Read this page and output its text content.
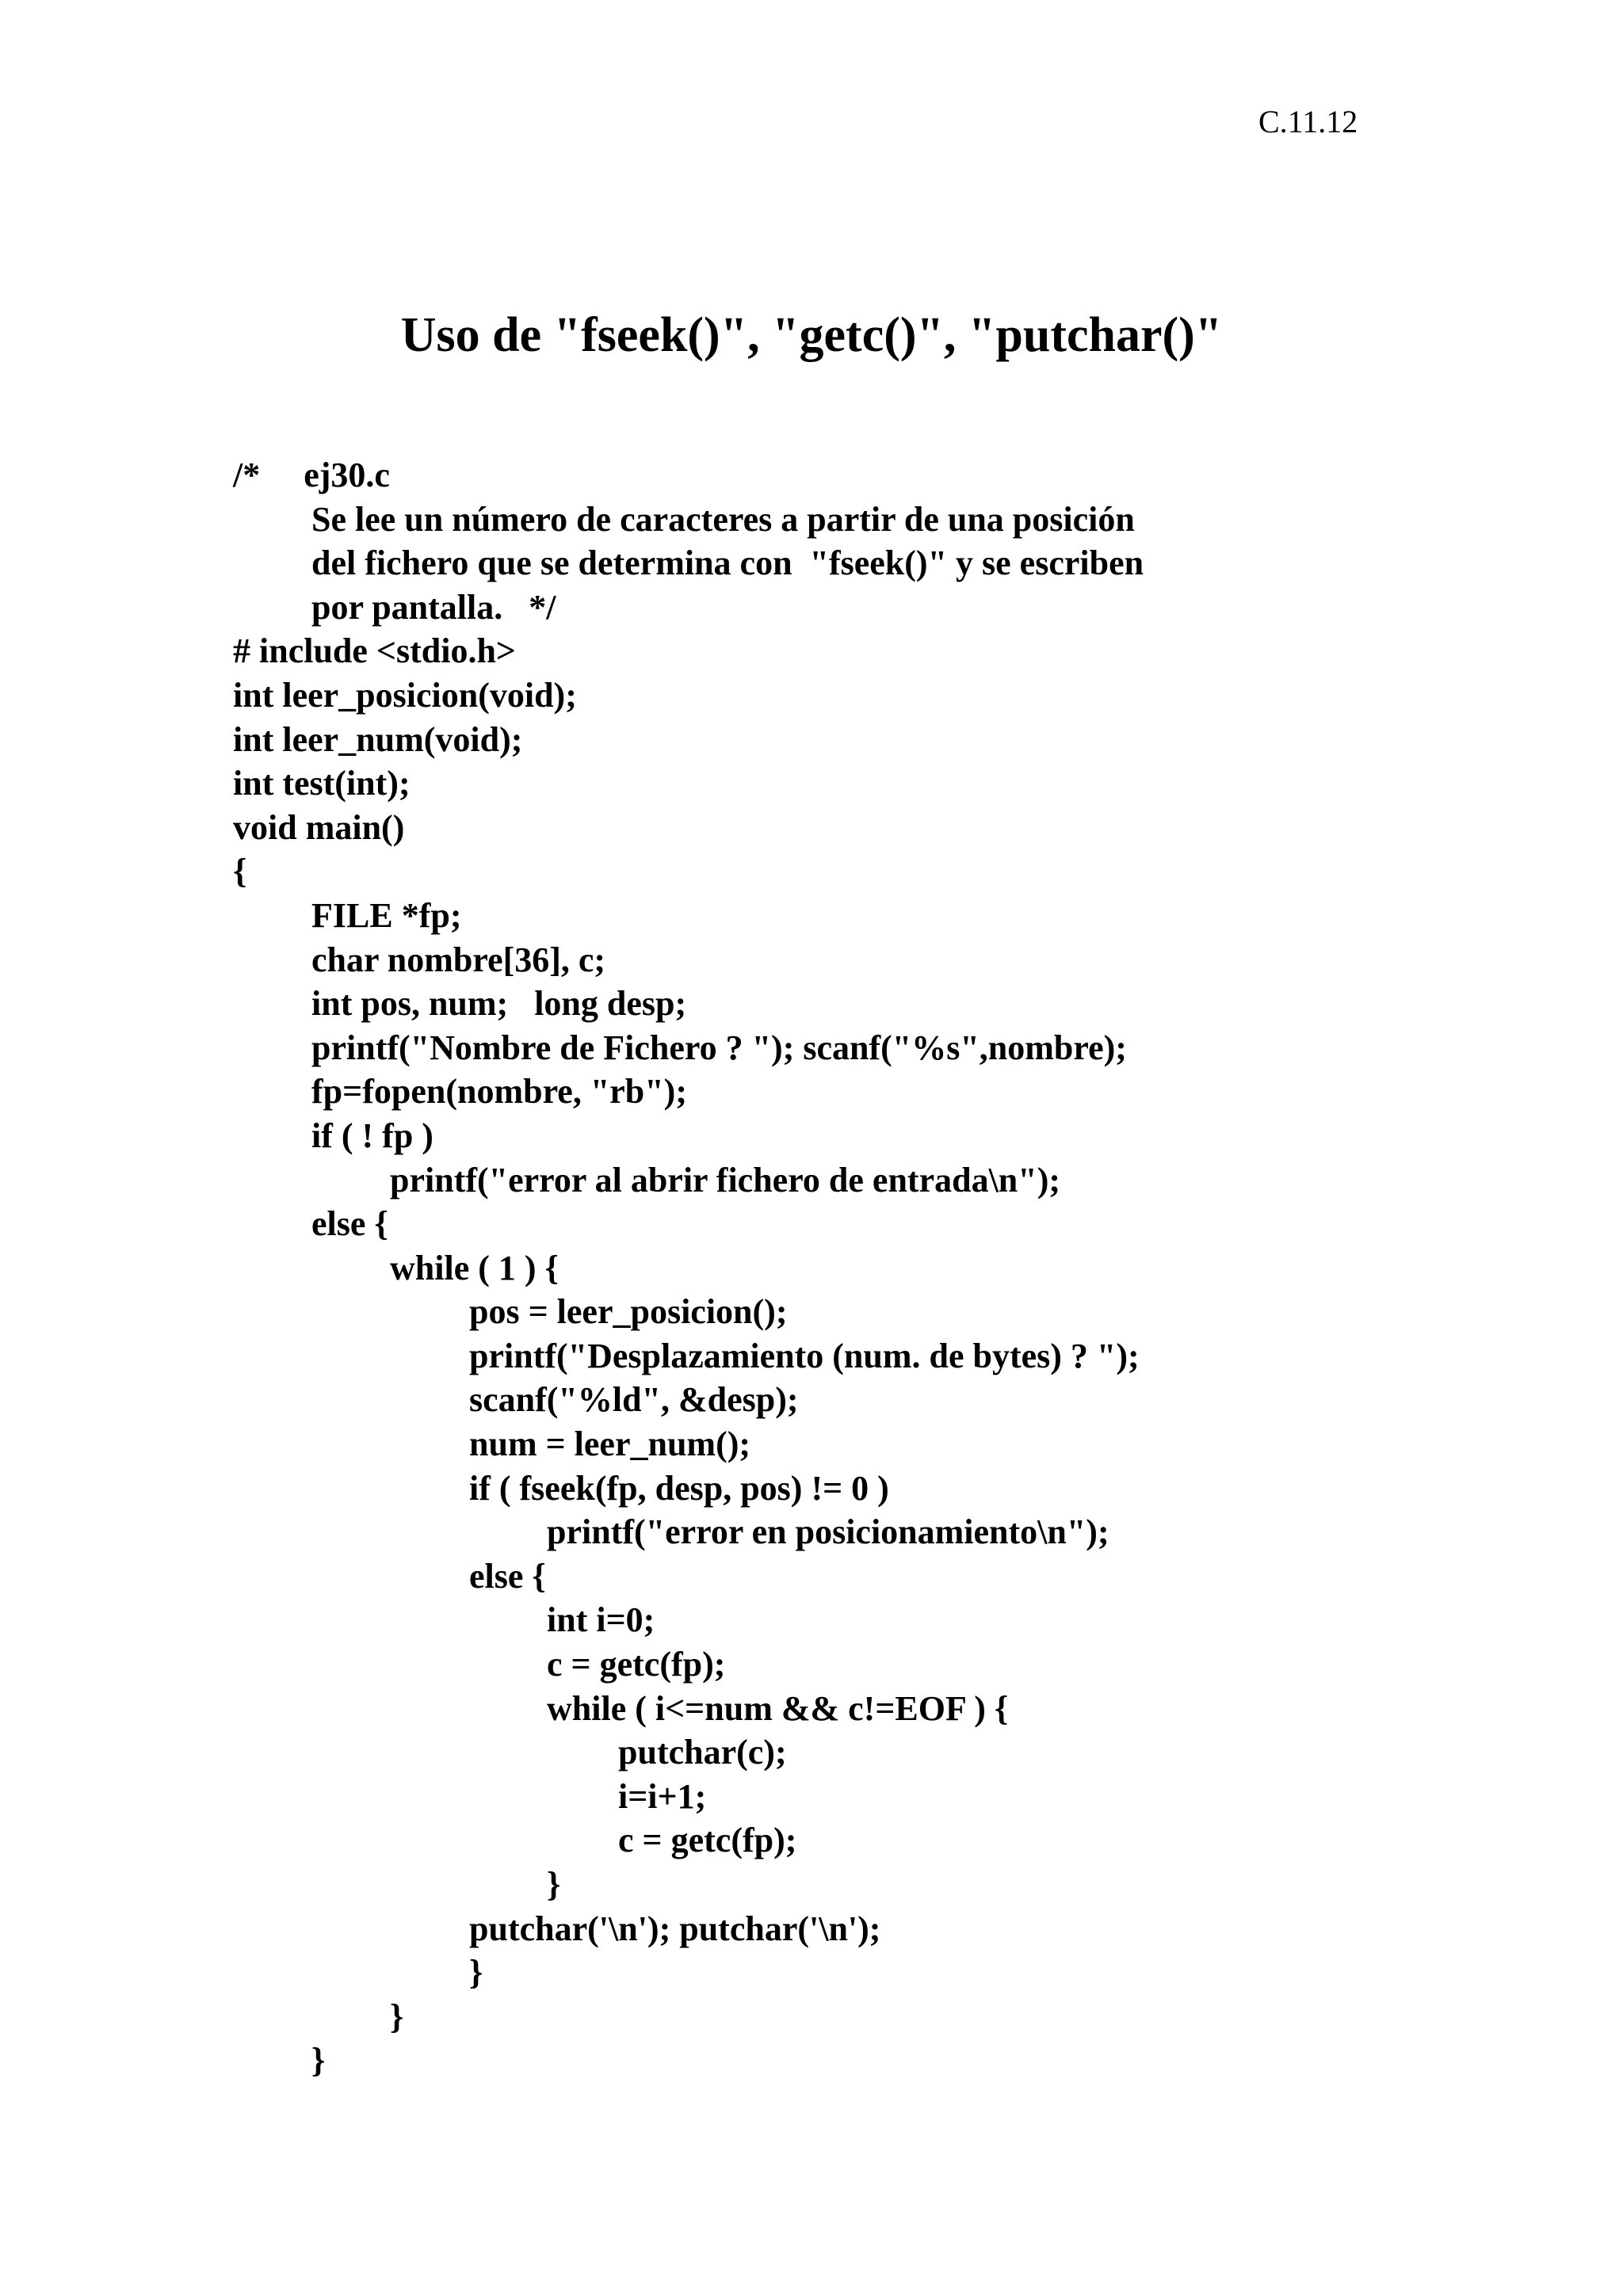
C.11.12
Uso de "fseek()", "getc()", "putchar()"
/*     ej30.c
Se lee un número de caracteres a partir de una posición
del fichero que se determina con  "fseek()" y se escriben
por pantalla.   */
# include <stdio.h>
int leer_posicion(void);
int leer_num(void);
int test(int);
void main()
{
FILE *fp;
char nombre[36], c;
int pos, num;   long desp;
printf("Nombre de Fichero ? "); scanf("%s",nombre);
fp=fopen(nombre, "rb");
if ( ! fp )
printf("error al abrir fichero de entrada\n");
else {
while ( 1 ) {
pos = leer_posicion();
printf("Desplazamiento (num. de bytes) ? ");
scanf("%ld", &desp);
num = leer_num();
if ( fseek(fp, desp, pos) != 0 )
printf("error en posicionamiento\n");
else {
int i=0;
c = getc(fp);
while ( i<=num && c!=EOF ) {
putchar(c);
i=i+1;
c = getc(fp);
}
putchar('\n'); putchar('\n');
}
}
}
